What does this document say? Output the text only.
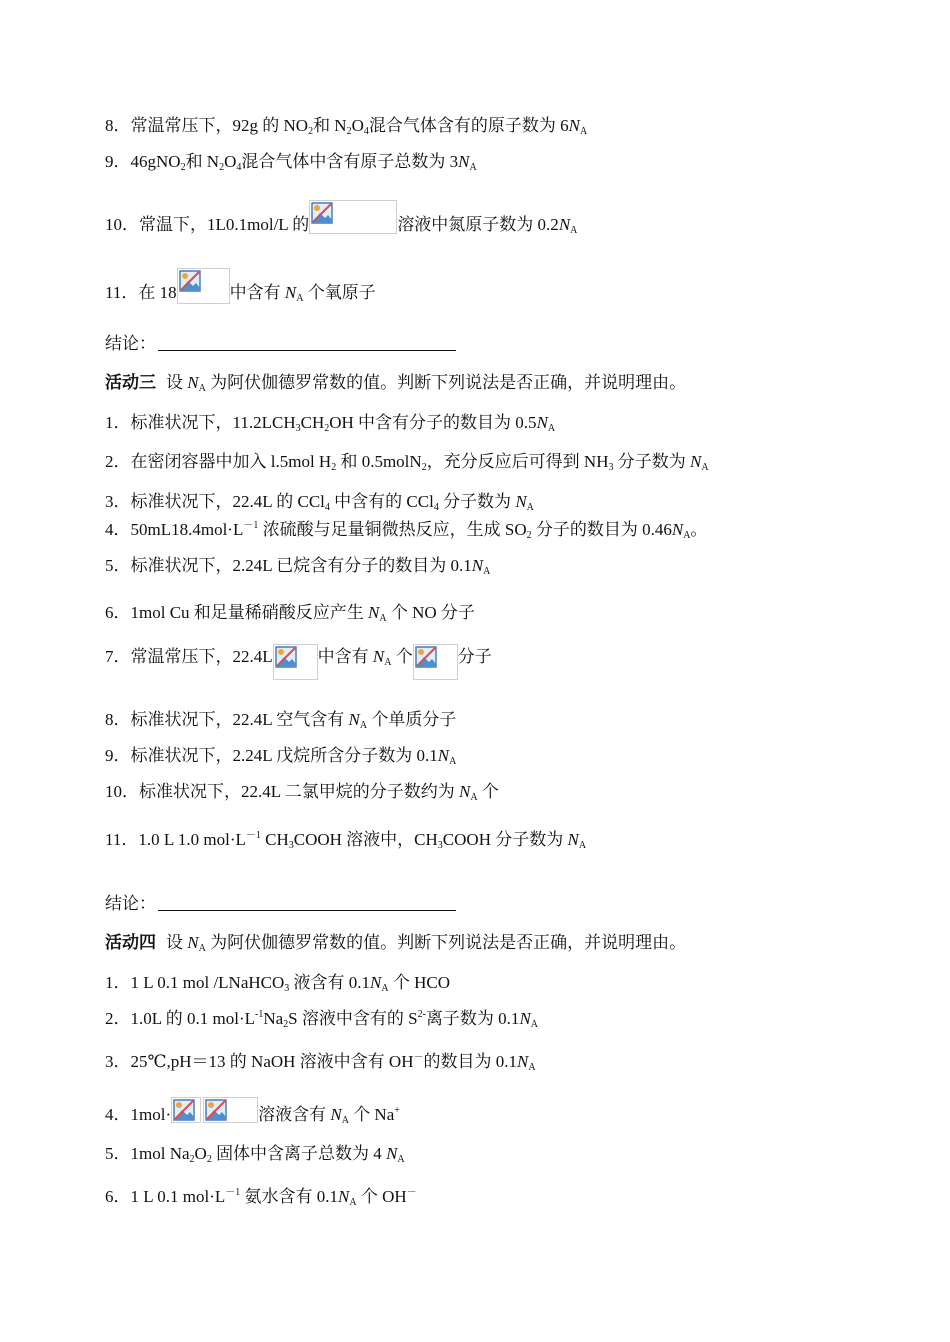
8．常温常压下，92g 的 $NO_2$和 $N_2O_4$混合气体含有的原子数为 $6N_A$
9．46gNO$_2$和 $N_2O_4$混合气体中含有原子总数为 $3N_A$
10．常温下，1L0.1mol/L 的	溶液中氮原子数为 $0.2N_A$
11．在 18	中含有 $N_A$ 个氧原子
结论：
活动三 设 $N_A$ 为阿伏伽德罗常数的值。判断下列说法是否正确，并说明理由。
1．标准状况下，$11.2LCH_3CH_2OH$ 中含有分子的数目为 $0.5N_A$
2．在密闭容器中加入 l.5mol $H_2$ 和 0.5molN$_2$，充分反应后可得到 $NH_3$ 分子数为 $N_A$
3．标准状况下，22.4L 的 CCl$_4$ 中含有的 CCl$_4$ 分子数为 $N_A$
4．$50mL18.4mol\cdot L^{-1}$ 浓硫酸与足量铜微热反应，生成 $SO_2$ 分子的数目为 $0.46N_A$。
5．标准状况下，2.24L 已烷含有分子的数目为 $0.1N_A$
6．1mol Cu 和足量稀硝酸反应产生 $N_A$ 个 NO 分子
7．常温常压下，22.4L	中含有 $N_A$ 个	分子
8．标准状况下，22.4L 空气含有 $N_A$ 个单质分子
9．标准状况下，2.24L 戊烷所含分子数为 $0.1N_A$
10．标准状况下，22.4L 二氯甲烷的分子数约为 $N_A$ 个
11．1.0 L 1.0 $mol\cdot L^{-1}$ $CH_3COOH$ 溶液中，$CH_3COOH$ 分子数为 $N_A$
结论：
活动四 设 $N_A$ 为阿伏伽德罗常数的值。判断下列说法是否正确，并说明理由。
1．1 L 0.1 mol /LNaHCO$_3$ 液含有 $0.1N_A$ 个 HCO
2．1.0L 的 0.1 $mol\cdot L^{-1}Na_2S$ 溶液中含有的 $S^{2-}$离子数为 $0.1N_A$
3．25℃,pH＝13 的 NaOH 溶液中含有 OH－的数目为 $0.1N_A$
4．1mol·	溶液含有 $N_A$ 个 Na+
5．1mol $Na_2O_2$ 固体中含离子总数为 4 $N_A$
6．1 L 0.1 $mol\cdot L^{-1}$ 氨水含有 $0.1N_A$ 个 OH－
